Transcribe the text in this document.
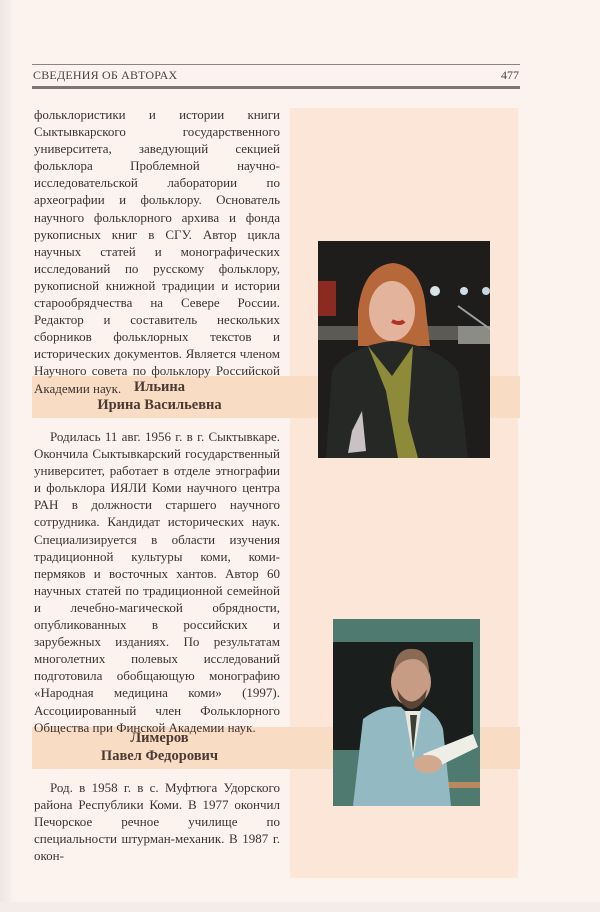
СВЕДЕНИЯ ОБ АВТОРАХ	477

фольклористики и истории книги Сыктывкарского государственного университета, заведующий секцией фольклора Проблемной научно-исследовательской лаборатории по археографии и фольклору. Основатель научного фольклорного архива и фонда рукописных книг в СГУ. Автор цикла научных статей и монографических исследований по русскому фольклору, рукописной книжной традиции и истории старообрядчества на Севере России. Редактор и составитель нескольких сборников фольклорных текстов и исторических документов. Является членом Научного совета по фольклору Российской Академии наук. Ильина
Ирина Васильевна

Родилась 11 авг. 1956 г. в г. Сыктывкаре. Окончила Сыктывкарский государственный университет, работает в отделе этнографии и фольклора ИЯЛИ Коми научного центра РАН в должности старшего научного сотрудника. Кандидат исторических наук. Специализируется в области изучения традиционной культуры коми, коми-пермяков и восточных хантов. Автор 60 научных статей по традиционной семейной и лечебно-магической обрядности, опубликованных в российских и зарубежных изданиях. По результатам многолетних полевых исследований подготовила обобщающую монографию «Народная медицина коми» (1997). Ассоциированный член Фольклорного Общества при Финской Академии наук.

Лимеров
Павел Федорович

Род. в 1958 г. в с. Муфтюга Удорского района Республики Коми. В 1977 окончил Печорское речное училище по специальности штурман-механик. В 1987 г. окон-
